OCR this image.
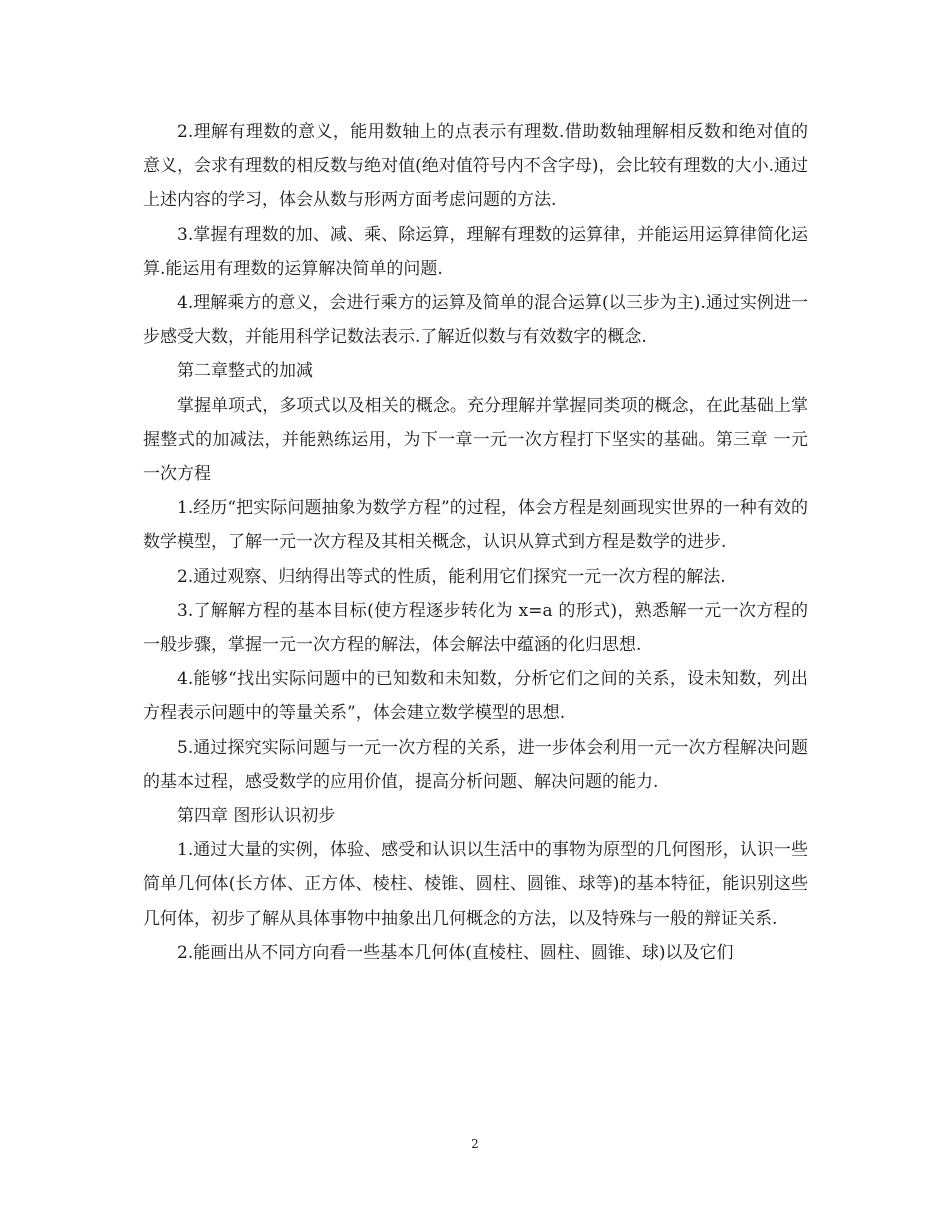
2.理解有理数的意义，能用数轴上的点表示有理数.借助数轴理解相反数和绝对值的意义，会求有理数的相反数与绝对值(绝对值符号内不含字母)，会比较有理数的大小.通过上述内容的学习，体会从数与形两方面考虑问题的方法.

3.掌握有理数的加、减、乘、除运算，理解有理数的运算律，并能运用运算律简化运算.能运用有理数的运算解决简单的问题.

4.理解乘方的意义，会进行乘方的运算及简单的混合运算(以三步为主).通过实例进一步感受大数，并能用科学记数法表示.了解近似数与有效数字的概念.

第二章整式的加减

掌握单项式，多项式以及相关的概念。充分理解并掌握同类项的概念，在此基础上掌握整式的加减法，并能熟练运用，为下一章一元一次方程打下坚实的基础。第三章 一元一次方程

1.经历“把实际问题抽象为数学方程”的过程，体会方程是刻画现实世界的一种有效的数学模型，了解一元一次方程及其相关概念，认识从算式到方程是数学的进步.

2.通过观察、归纳得出等式的性质，能利用它们探究一元一次方程的解法.

3.了解解方程的基本目标(使方程逐步转化为 x=a 的形式)，熟悉解一元一次方程的一般步骤，掌握一元一次方程的解法，体会解法中蕴涵的化归思想.

4.能够“找出实际问题中的已知数和未知数，分析它们之间的关系，设未知数，列出方程表示问题中的等量关系”，体会建立数学模型的思想.

5.通过探究实际问题与一元一次方程的关系，进一步体会利用一元一次方程解决问题的基本过程，感受数学的应用价值，提高分析问题、解决问题的能力.

第四章 图形认识初步

1.通过大量的实例，体验、感受和认识以生活中的事物为原型的几何图形，认识一些简单几何体(长方体、正方体、棱柱、棱锥、圆柱、圆锥、球等)的基本特征，能识别这些几何体，初步了解从具体事物中抽象出几何概念的方法，以及特殊与一般的辩证关系.

2.能画出从不同方向看一些基本几何体(直棱柱、圆柱、圆锥、球)以及它们

2
